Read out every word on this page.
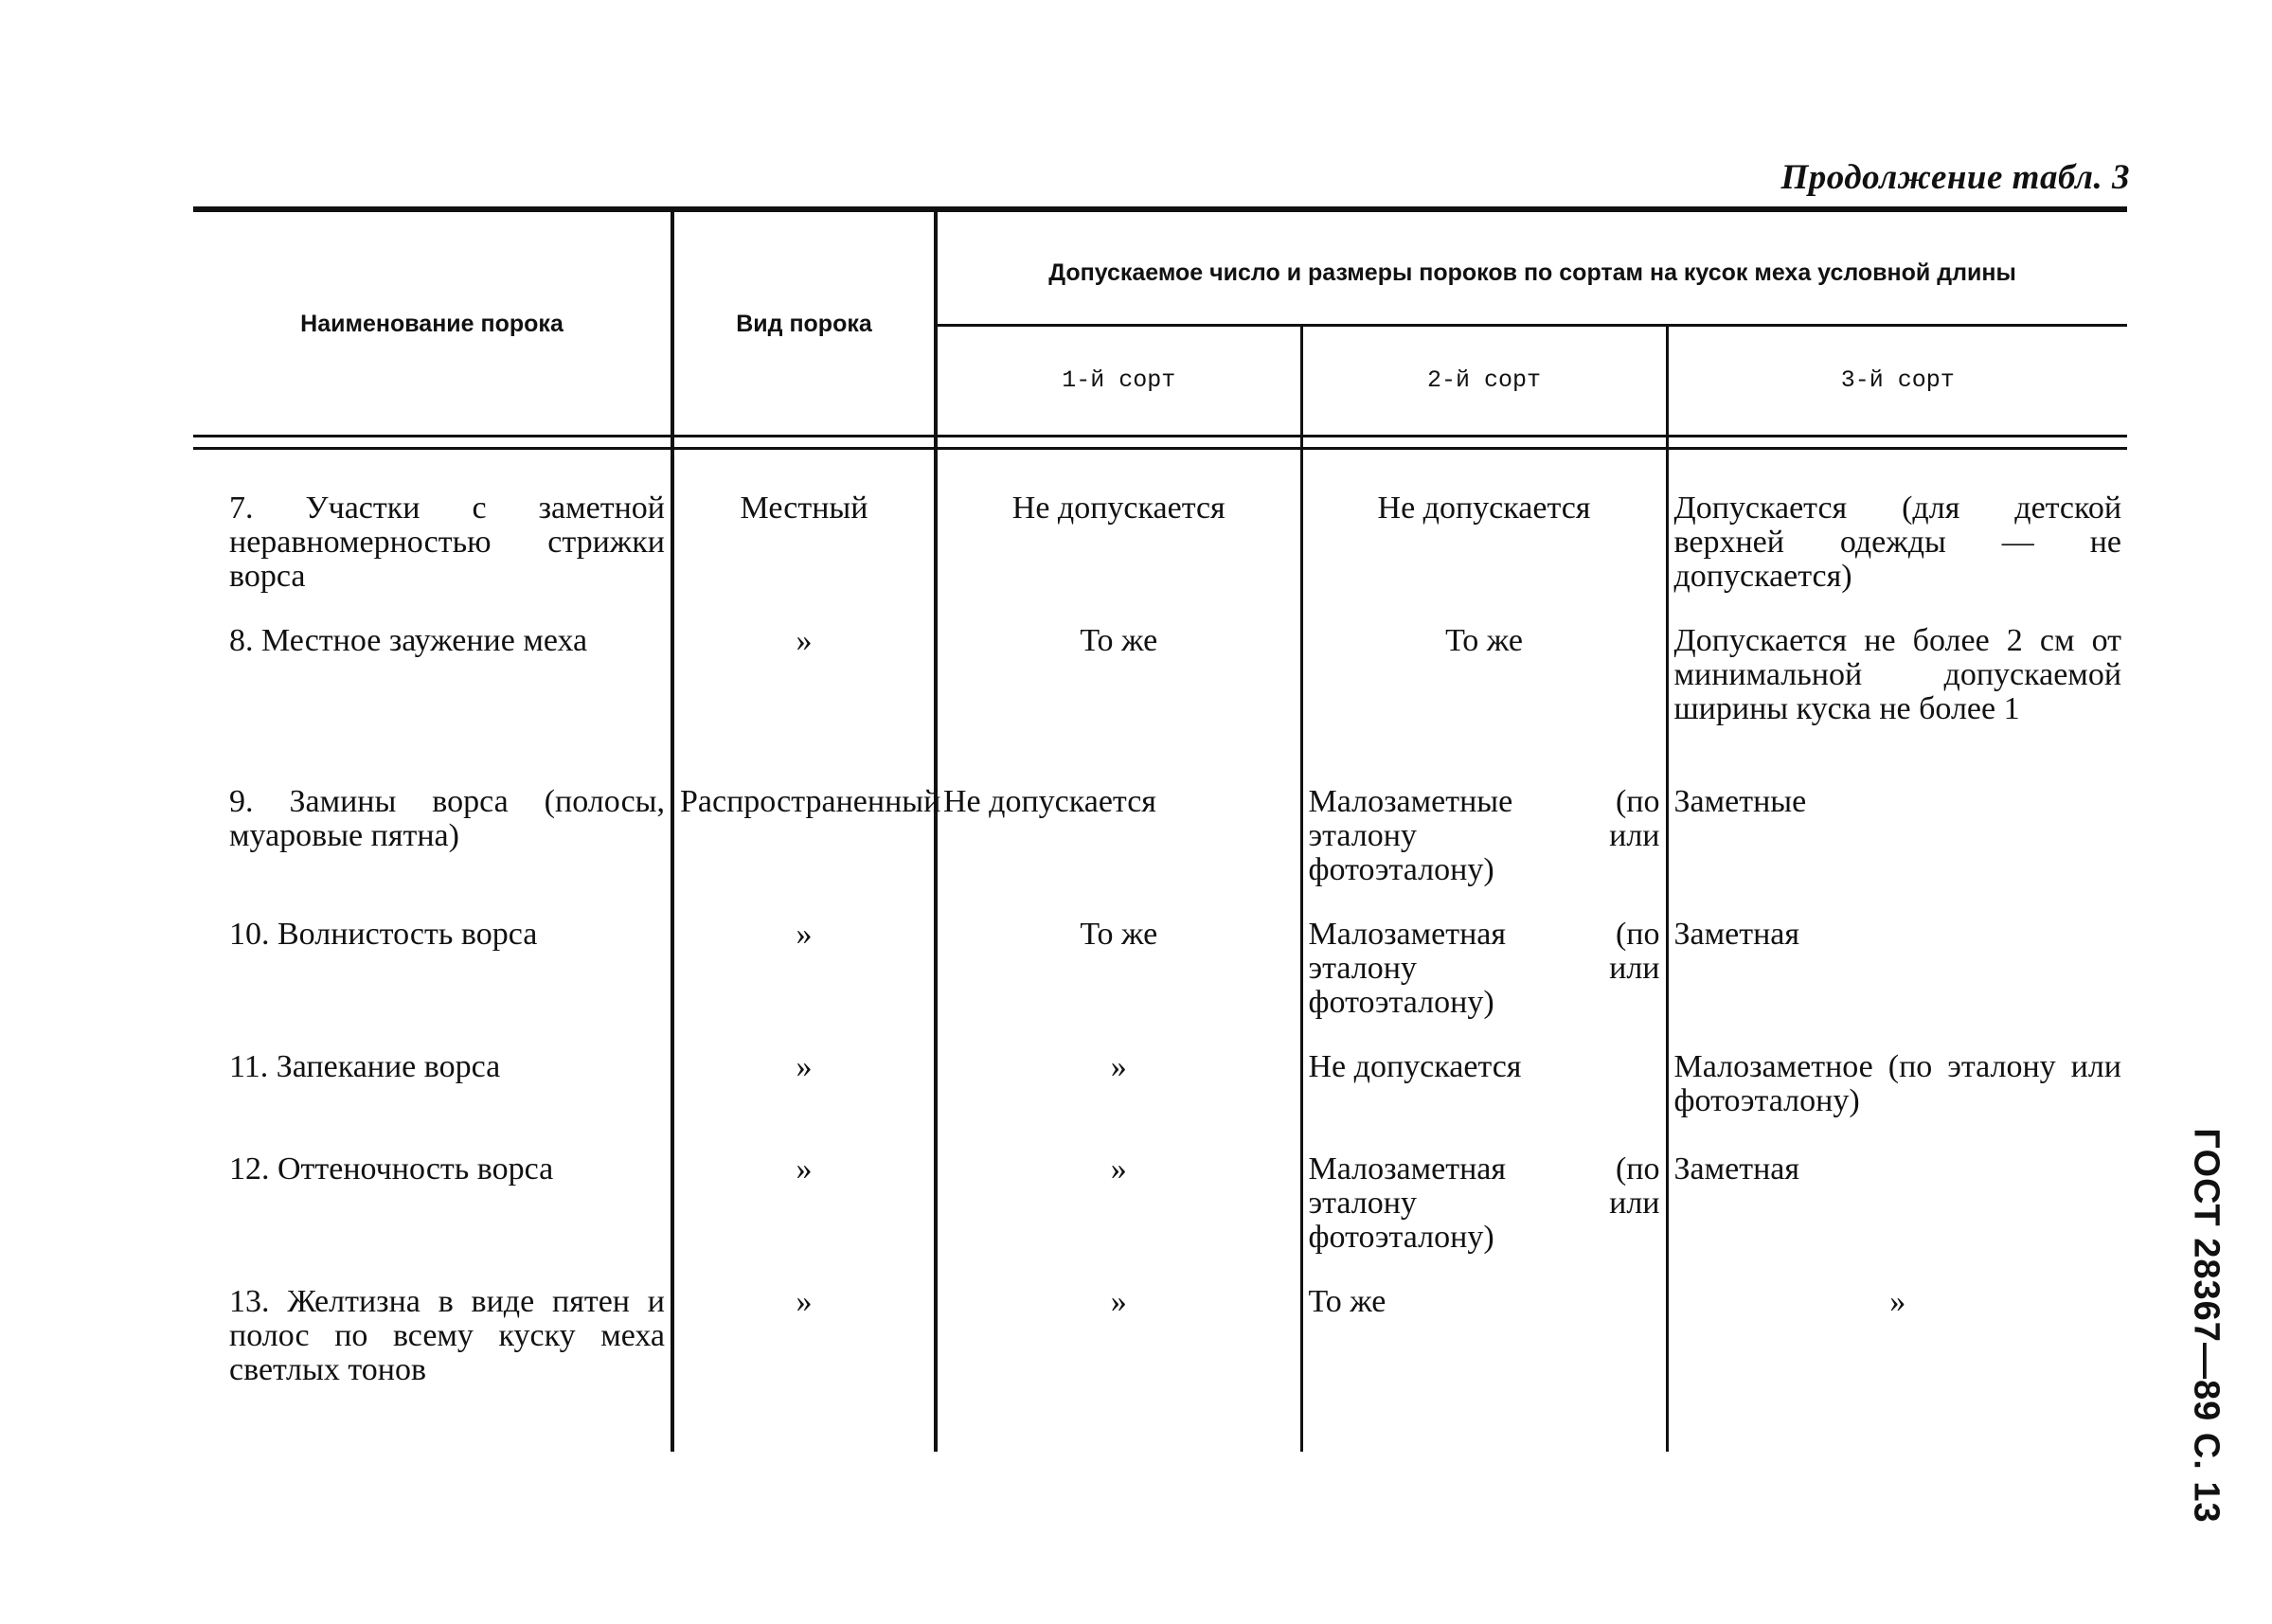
Продолжение табл. 3
Наименование порока	Вид порока	Допускаемое число и размеры пороков по сортам на кусок меха условной длины		
		1-й сорт	2-й сорт	3-й сорт

7. Участки с заметной неравномерностью стрижки ворса	Местный	Не допускается	Не допускается	Допускается (для детской верхней одежды — не допускается)

8. Местное заужение меха	»	То же	То же	Допускается не более 2 см от минимальной допускаемой ширины куска не более 1

9. Замины ворса (полосы, муаровые пятна)	Распространенный	Не допускается	Малозаметные (по эталону или фотоэталону)	Заметные

10. Волнистость ворса	»	То же	Малозаметная (по эталону или фотоэталону)	Заметная

11. Запекание ворса	»	»	Не допускается	Малозаметное (по эталону или фотоэталону)

12. Оттеночность ворса	»	»	Малозаметная (по эталону или фотоэталону)	Заметная

13. Желтизна в виде пятен и полос по всему куску меха светлых тонов	»	»	То же	»	ГОСТ 28367—89 С. 13
